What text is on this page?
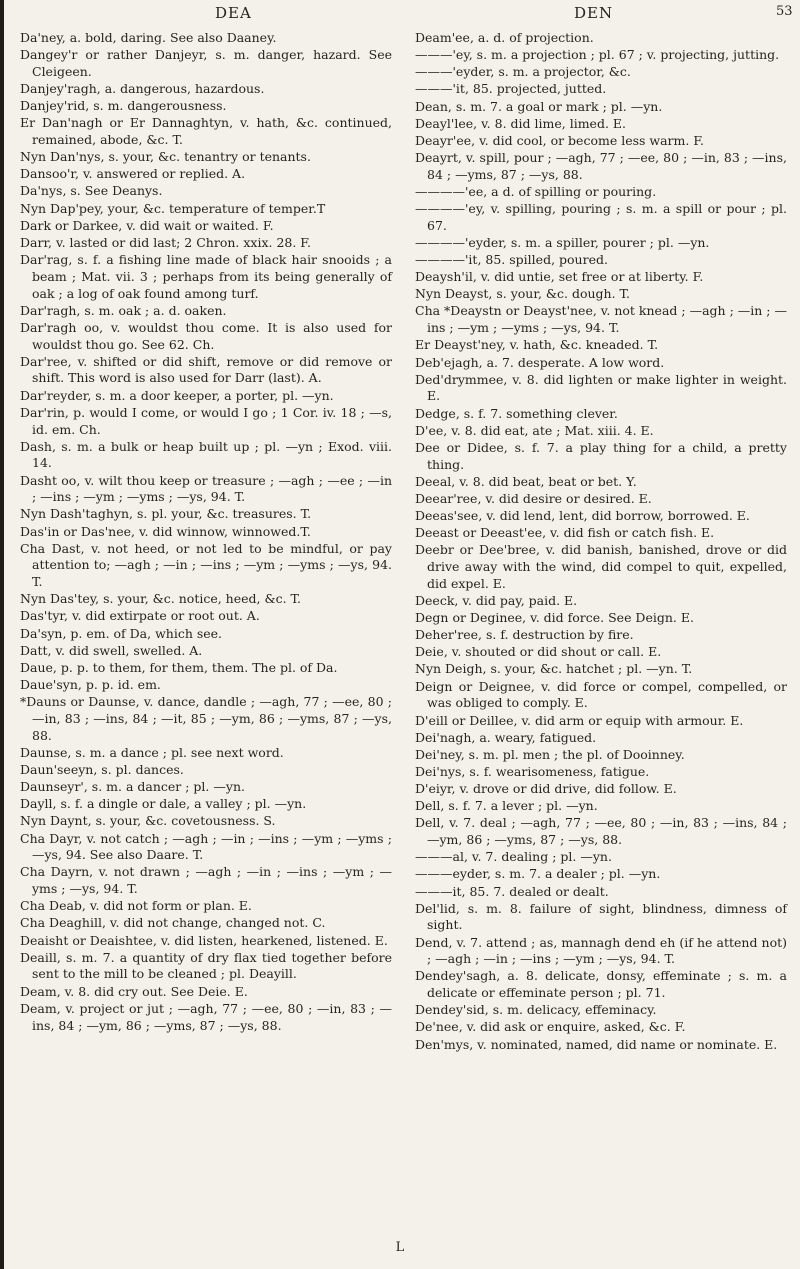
DEA	DEN	53

Da'ney, a. bold, daring. See also Daaney.

Dangey'r or rather Danjeyr, s. m. danger, hazard. See Cleigeen.

Danjey'ragh, a. dangerous, hazardous.

Danjey'rid, s. m. dangerousness.

Er Dan'nagh or Er Dannaghtyn, v. hath, &c. continued, remained, abode, &c. T.

Nyn Dan'nys, s. your, &c. tenantry or tenants.

Dansoo'r, v. answered or replied. A.

Da'nys, s. See Deanys.

Nyn Dap'pey, your, &c. temperature of temper.T

Dark or Darkee, v. did wait or waited. F.

Darr, v. lasted or did last; 2 Chron. xxix. 28. F.

Dar'rag, s. f. a fishing line made of black hair snooids ; a beam ; Mat. vii. 3 ; perhaps from its being generally of oak ; a log of oak found among turf.

Dar'ragh, s. m. oak ; a. d. oaken.

Dar'ragh oo, v. wouldst thou come. It is also used for wouldst thou go. See 62. Ch.

Dar'ree, v. shifted or did shift, remove or did remove or shift. This word is also used for Darr (last). A.

Dar'reyder, s. m. a door keeper, a porter, pl. —yn.

Dar'rin, p. would I come, or would I go ; 1 Cor. iv. 18 ; —s, id. em. Ch.

Dash, s. m. a bulk or heap built up ; pl. —yn ; Exod. viii. 14.

Dasht oo, v. wilt thou keep or treasure ; —agh ; —ee ; —in ; —ins ; —ym ; —yms ; —ys, 94. T.

Nyn Dash'taghyn, s. pl. your, &c. treasures. T.

Das'in or Das'nee, v. did winnow, winnowed.T.

Cha Dast, v. not heed, or not led to be mindful, or pay attention to; —agh ; —in ; —ins ; —ym ; —yms ; —ys, 94. T.

Nyn Das'tey, s. your, &c. notice, heed, &c. T.

Das'tyr, v. did extirpate or root out. A.

Da'syn, p. em. of Da, which see.

Datt, v. did swell, swelled. A.

Daue, p. p. to them, for them, them. The pl. of Da.

Daue'syn, p. p. id. em.

*Dauns or Daunse, v. dance, dandle ; —agh, 77 ; —ee, 80 ; —in, 83 ; —ins, 84 ; —it, 85 ; —ym, 86 ; —yms, 87 ; —ys, 88.

Daunse, s. m. a dance ; pl. see next word.

Daun'seeyn, s. pl. dances.

Daunseyr', s. m. a dancer ; pl. —yn.

Dayll, s. f. a dingle or dale, a valley ; pl. —yn.

Nyn Daynt, s. your, &c. covetousness. S.

Cha Dayr, v. not catch ; —agh ; —in ; —ins ; —ym ; —yms ; —ys, 94. See also Daare. T.

Cha Dayrn, v. not drawn ; —agh ; —in ; —ins ; —ym ; —yms ; —ys, 94. T.

Cha Deab, v. did not form or plan. E.

Cha Deaghill, v. did not change, changed not. C.

Deaisht or Deaishtee, v. did listen, hearkened, listened. E.

Deaill, s. m. 7. a quantity of dry flax tied together before sent to the mill to be cleaned ; pl. Deayill.

Deam, v. 8. did cry out. See Deie. E.

Deam, v. project or jut ; —agh, 77 ; —ee, 80 ; —in, 83 ; —ins, 84 ; —ym, 86 ; —yms, 87 ; —ys, 88.

Deam'ee, a. d. of projection.

———'ey, s. m. a projection ; pl. 67 ; v. projecting, jutting.

———'eyder, s. m. a projector, &c.

———'it, 85. projected, jutted.

Dean, s. m. 7. a goal or mark ; pl. —yn.

Deayl'lee, v. 8. did lime, limed. E.

Deayr'ee, v. did cool, or become less warm. F.

Deayrt, v. spill, pour ; —agh, 77 ; —ee, 80 ; —in, 83 ; —ins, 84 ; —yms, 87 ; —ys, 88.

————'ee, a d. of spilling or pouring.

————'ey, v. spilling, pouring ; s. m. a spill or pour ; pl. 67.

————'eyder, s. m. a spiller, pourer ; pl. —yn.

————'it, 85. spilled, poured.

Deaysh'il, v. did untie, set free or at liberty. F.

Nyn Deayst, s. your, &c. dough. T.

Cha *Deaystn or Deayst'nee, v. not knead ; —agh ; —in ; —ins ; —ym ; —yms ; —ys, 94. T.

Er Deayst'ney, v. hath, &c. kneaded. T.

Deb'ejagh, a. 7. desperate. A low word.

Ded'drymmee, v. 8. did lighten or make lighter in weight. E.

Dedge, s. f. 7. something clever.

D'ee, v. 8. did eat, ate ; Mat. xiii. 4. E.

Dee or Didee, s. f. 7. a play thing for a child, a pretty thing.

Deeal, v. 8. did beat, beat or bet. Y.

Deear'ree, v. did desire or desired. E.

Deeas'see, v. did lend, lent, did borrow, borrowed. E.

Deeast or Deeast'ee, v. did fish or catch fish. E.

Deebr or Dee'bree, v. did banish, banished, drove or did drive away with the wind, did compel to quit, expelled, did expel. E.

Deeck, v. did pay, paid. E.

Degn or Deginee, v. did force. See Deign. E.

Deher'ree, s. f. destruction by fire.

Deie, v. shouted or did shout or call. E.

Nyn Deigh, s. your, &c. hatchet ; pl. —yn. T.

Deign or Deignee, v. did force or compel, compelled, or was obliged to comply. E.

D'eill or Deillee, v. did arm or equip with armour. E.

Dei'nagh, a. weary, fatigued.

Dei'ney, s. m. pl. men ; the pl. of Dooinney.

Dei'nys, s. f. wearisomeness, fatigue.

D'eiyr, v. drove or did drive, did follow. E.

Dell, s. f. 7. a lever ; pl. —yn.

Dell, v. 7. deal ; —agh, 77 ; —ee, 80 ; —in, 83 ; —ins, 84 ; —ym, 86 ; —yms, 87 ; —ys, 88.

———al, v. 7. dealing ; pl. —yn.

———eyder, s. m. 7. a dealer ; pl. —yn.

———it, 85. 7. dealed or dealt.

Del'lid, s. m. 8. failure of sight, blindness, dimness of sight.

Dend, v. 7. attend ; as, mannagh dend eh (if he attend not) ; —agh ; —in ; —ins ; —ym ; —ys, 94. T.

Dendey'sagh, a. 8. delicate, donsy, effeminate ; s. m. a delicate or effeminate person ; pl. 71.

Dendey'sid, s. m. delicacy, effeminacy.

De'nee, v. did ask or enquire, asked, &c. F.

Den'mys, v. nominated, named, did name or nominate. E.

L
